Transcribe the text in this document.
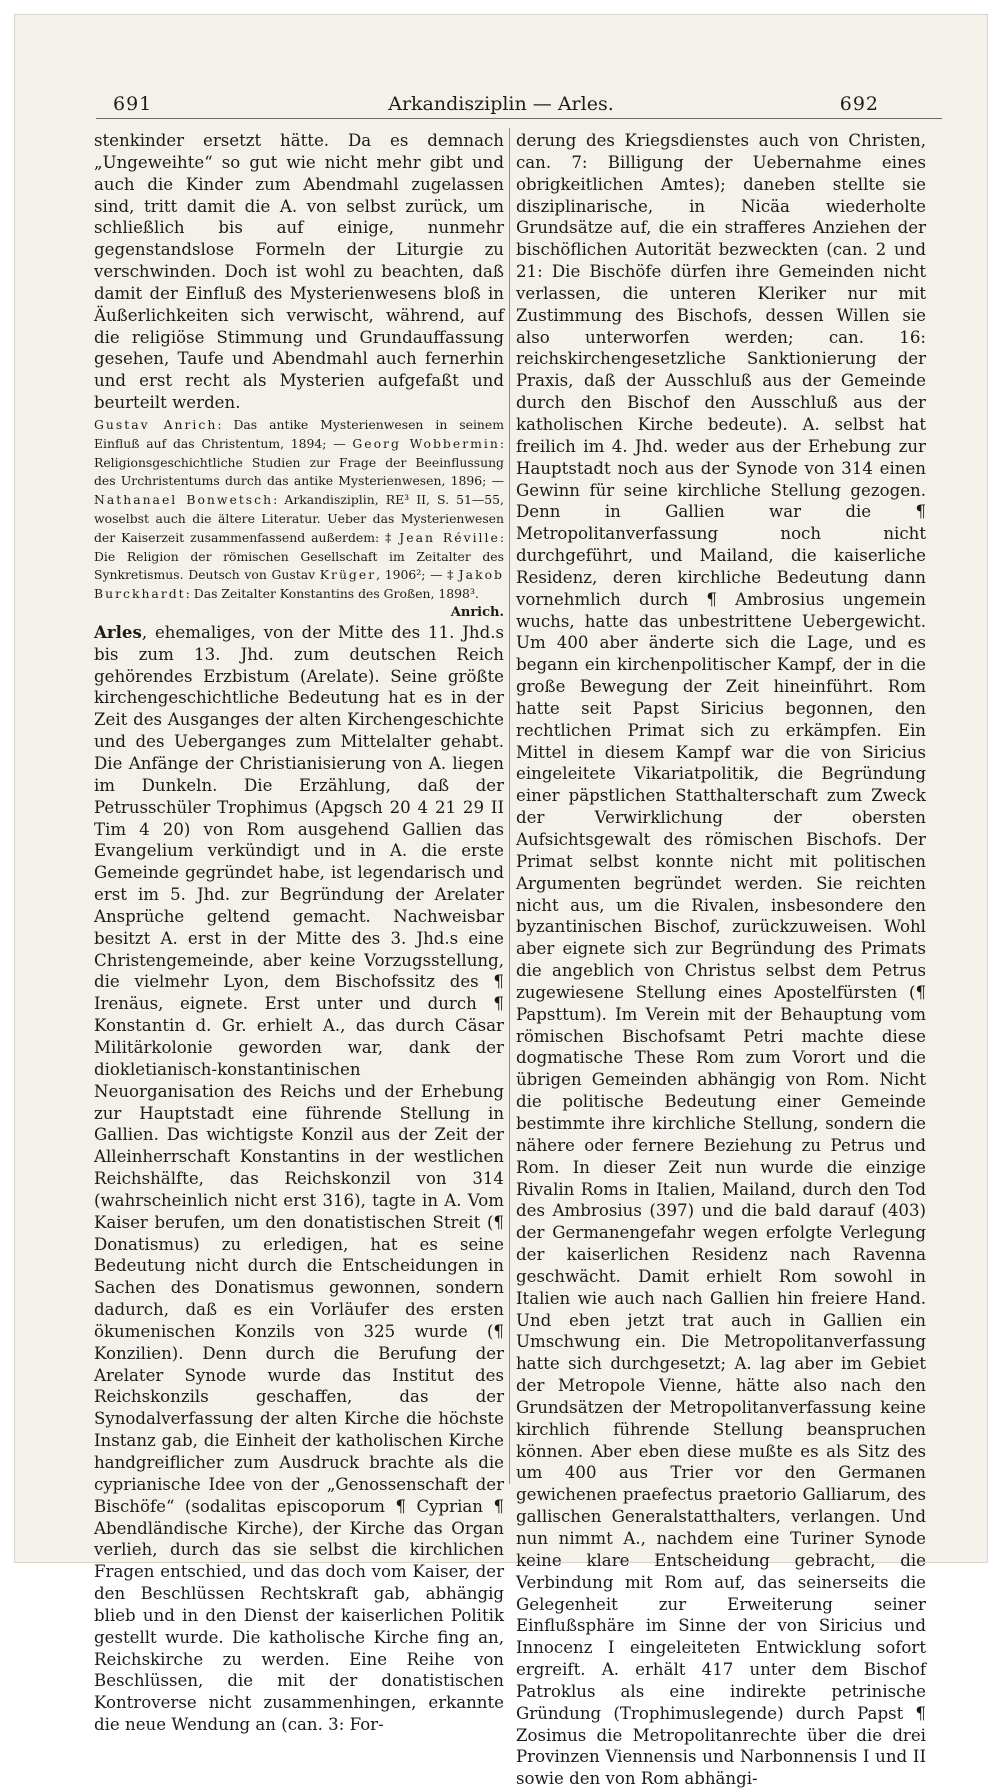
691	Arkandisziplin — Arles.	692

stenkinder ersetzt hätte. Da es demnach „Ungeweihte“ so gut wie nicht mehr gibt und auch die Kinder zum Abendmahl zugelassen sind, tritt damit die A. von selbst zurück, um schließlich bis auf einige, nunmehr gegenstandslose Formeln der Liturgie zu verschwinden. Doch ist wohl zu beachten, daß damit der Einfluß des Mysterienwesens bloß in Äußerlichkeiten sich verwischt, während, auf die religiöse Stimmung und Grundauffassung gesehen, Taufe und Abendmahl auch fernerhin und erst recht als Mysterien aufgefaßt und beurteilt werden.

Gustav Anrich: Das antike Mysterienwesen in seinem Einfluß auf das Christentum, 1894; — Georg Wobbermin: Religionsgeschichtliche Studien zur Frage der Beeinflussung des Urchristentums durch das antike Mysterienwesen, 1896; — Nathanael Bonwetsch: Arkandisziplin, RE³ II, S. 51—55, woselbst auch die ältere Literatur. Ueber das Mysterienwesen der Kaiserzeit zusammenfassend außerdem: ‡ Jean Réville: Die Religion der römischen Gesellschaft im Zeitalter des Synkretismus. Deutsch von Gustav Krüger, 1906²; — ‡ Jakob Burckhardt: Das Zeitalter Konstantins des Großen, 1898³.

Anrich.

Arles, ehemaliges, von der Mitte des 11. Jhd.s bis zum 13. Jhd. zum deutschen Reich gehörendes Erzbistum (Arelate). Seine größte kirchengeschichtliche Bedeutung hat es in der Zeit des Ausganges der alten Kirchengeschichte und des Ueberganges zum Mittelalter gehabt. Die Anfänge der Christianisierung von A. liegen im Dunkeln. Die Erzählung, daß der Petrusschüler Trophimus (Apgsch 20 4 21 29 II Tim 4 20) von Rom ausgehend Gallien das Evangelium verkündigt und in A. die erste Gemeinde gegründet habe, ist legendarisch und erst im 5. Jhd. zur Begründung der Arelater Ansprüche geltend gemacht. Nachweisbar besitzt A. erst in der Mitte des 3. Jhd.s eine Christengemeinde, aber keine Vorzugsstellung, die vielmehr Lyon, dem Bischofssitz des ¶ Irenäus, eignete. Erst unter und durch ¶ Konstantin d. Gr. erhielt A., das durch Cäsar Militärkolonie geworden war, dank der diokletianisch-konstantinischen Neuorganisation des Reichs und der Erhebung zur Hauptstadt eine führende Stellung in Gallien. Das wichtigste Konzil aus der Zeit der Alleinherrschaft Konstantins in der westlichen Reichshälfte, das Reichskonzil von 314 (wahrscheinlich nicht erst 316), tagte in A. Vom Kaiser berufen, um den donatistischen Streit (¶ Donatismus) zu erledigen, hat es seine Bedeutung nicht durch die Entscheidungen in Sachen des Donatismus gewonnen, sondern dadurch, daß es ein Vorläufer des ersten ökumenischen Konzils von 325 wurde (¶ Konzilien). Denn durch die Berufung der Arelater Synode wurde das Institut des Reichskonzils geschaffen, das der Synodalverfassung der alten Kirche die höchste Instanz gab, die Einheit der katholischen Kirche handgreiflicher zum Ausdruck brachte als die cyprianische Idee von der „Genossenschaft der Bischöfe“ (sodalitas episcoporum ¶ Cyprian ¶ Abendländische Kirche), der Kirche das Organ verlieh, durch das sie selbst die kirchlichen Fragen entschied, und das doch vom Kaiser, der den Beschlüssen Rechtskraft gab, abhängig blieb und in den Dienst der kaiserlichen Politik gestellt wurde. Die katholische Kirche fing an, Reichskirche zu werden. Eine Reihe von Beschlüssen, die mit der donatistischen Kontroverse nicht zusammenhingen, erkannte die neue Wendung an (can. 3: For-

derung des Kriegsdienstes auch von Christen, can. 7: Billigung der Uebernahme eines obrigkeitlichen Amtes); daneben stellte sie disziplinarische, in Nicäa wiederholte Grundsätze auf, die ein strafferes Anziehen der bischöflichen Autorität bezweckten (can. 2 und 21: Die Bischöfe dürfen ihre Gemeinden nicht verlassen, die unteren Kleriker nur mit Zustimmung des Bischofs, dessen Willen sie also unterworfen werden; can. 16: reichskirchengesetzliche Sanktionierung der Praxis, daß der Ausschluß aus der Gemeinde durch den Bischof den Ausschluß aus der katholischen Kirche bedeute). A. selbst hat freilich im 4. Jhd. weder aus der Erhebung zur Hauptstadt noch aus der Synode von 314 einen Gewinn für seine kirchliche Stellung gezogen. Denn in Gallien war die ¶ Metropolitanverfassung noch nicht durchgeführt, und Mailand, die kaiserliche Residenz, deren kirchliche Bedeutung dann vornehmlich durch ¶ Ambrosius ungemein wuchs, hatte das unbestrittene Uebergewicht. Um 400 aber änderte sich die Lage, und es begann ein kirchenpolitischer Kampf, der in die große Bewegung der Zeit hineinführt. Rom hatte seit Papst Siricius begonnen, den rechtlichen Primat sich zu erkämpfen. Ein Mittel in diesem Kampf war die von Siricius eingeleitete Vikariatpolitik, die Begründung einer päpstlichen Statthalterschaft zum Zweck der Verwirklichung der obersten Aufsichtsgewalt des römischen Bischofs. Der Primat selbst konnte nicht mit politischen Argumenten begründet werden. Sie reichten nicht aus, um die Rivalen, insbesondere den byzantinischen Bischof, zurückzuweisen. Wohl aber eignete sich zur Begründung des Primats die angeblich von Christus selbst dem Petrus zugewiesene Stellung eines Apostelfürsten (¶ Papsttum). Im Verein mit der Behauptung vom römischen Bischofsamt Petri machte diese dogmatische These Rom zum Vorort und die übrigen Gemeinden abhängig von Rom. Nicht die politische Bedeutung einer Gemeinde bestimmte ihre kirchliche Stellung, sondern die nähere oder fernere Beziehung zu Petrus und Rom. In dieser Zeit nun wurde die einzige Rivalin Roms in Italien, Mailand, durch den Tod des Ambrosius (397) und die bald darauf (403) der Germanengefahr wegen erfolgte Verlegung der kaiserlichen Residenz nach Ravenna geschwächt. Damit erhielt Rom sowohl in Italien wie auch nach Gallien hin freiere Hand. Und eben jetzt trat auch in Gallien ein Umschwung ein. Die Metropolitanverfassung hatte sich durchgesetzt; A. lag aber im Gebiet der Metropole Vienne, hätte also nach den Grundsätzen der Metropolitanverfassung keine kirchlich führende Stellung beanspruchen können. Aber eben diese mußte es als Sitz des um 400 aus Trier vor den Germanen gewichenen praefectus praetorio Galliarum, des gallischen Generalstatthalters, verlangen. Und nun nimmt A., nachdem eine Turiner Synode keine klare Entscheidung gebracht, die Verbindung mit Rom auf, das seinerseits die Gelegenheit zur Erweiterung seiner Einflußsphäre im Sinne der von Siricius und Innocenz I eingeleiteten Entwicklung sofort ergreift. A. erhält 417 unter dem Bischof Patroklus als eine indirekte petrinische Gründung (Trophimuslegende) durch Papst ¶ Zosimus die Metropolitanrechte über die drei Provinzen Viennensis und Narbonnensis I und II sowie den von Rom abhängi-
